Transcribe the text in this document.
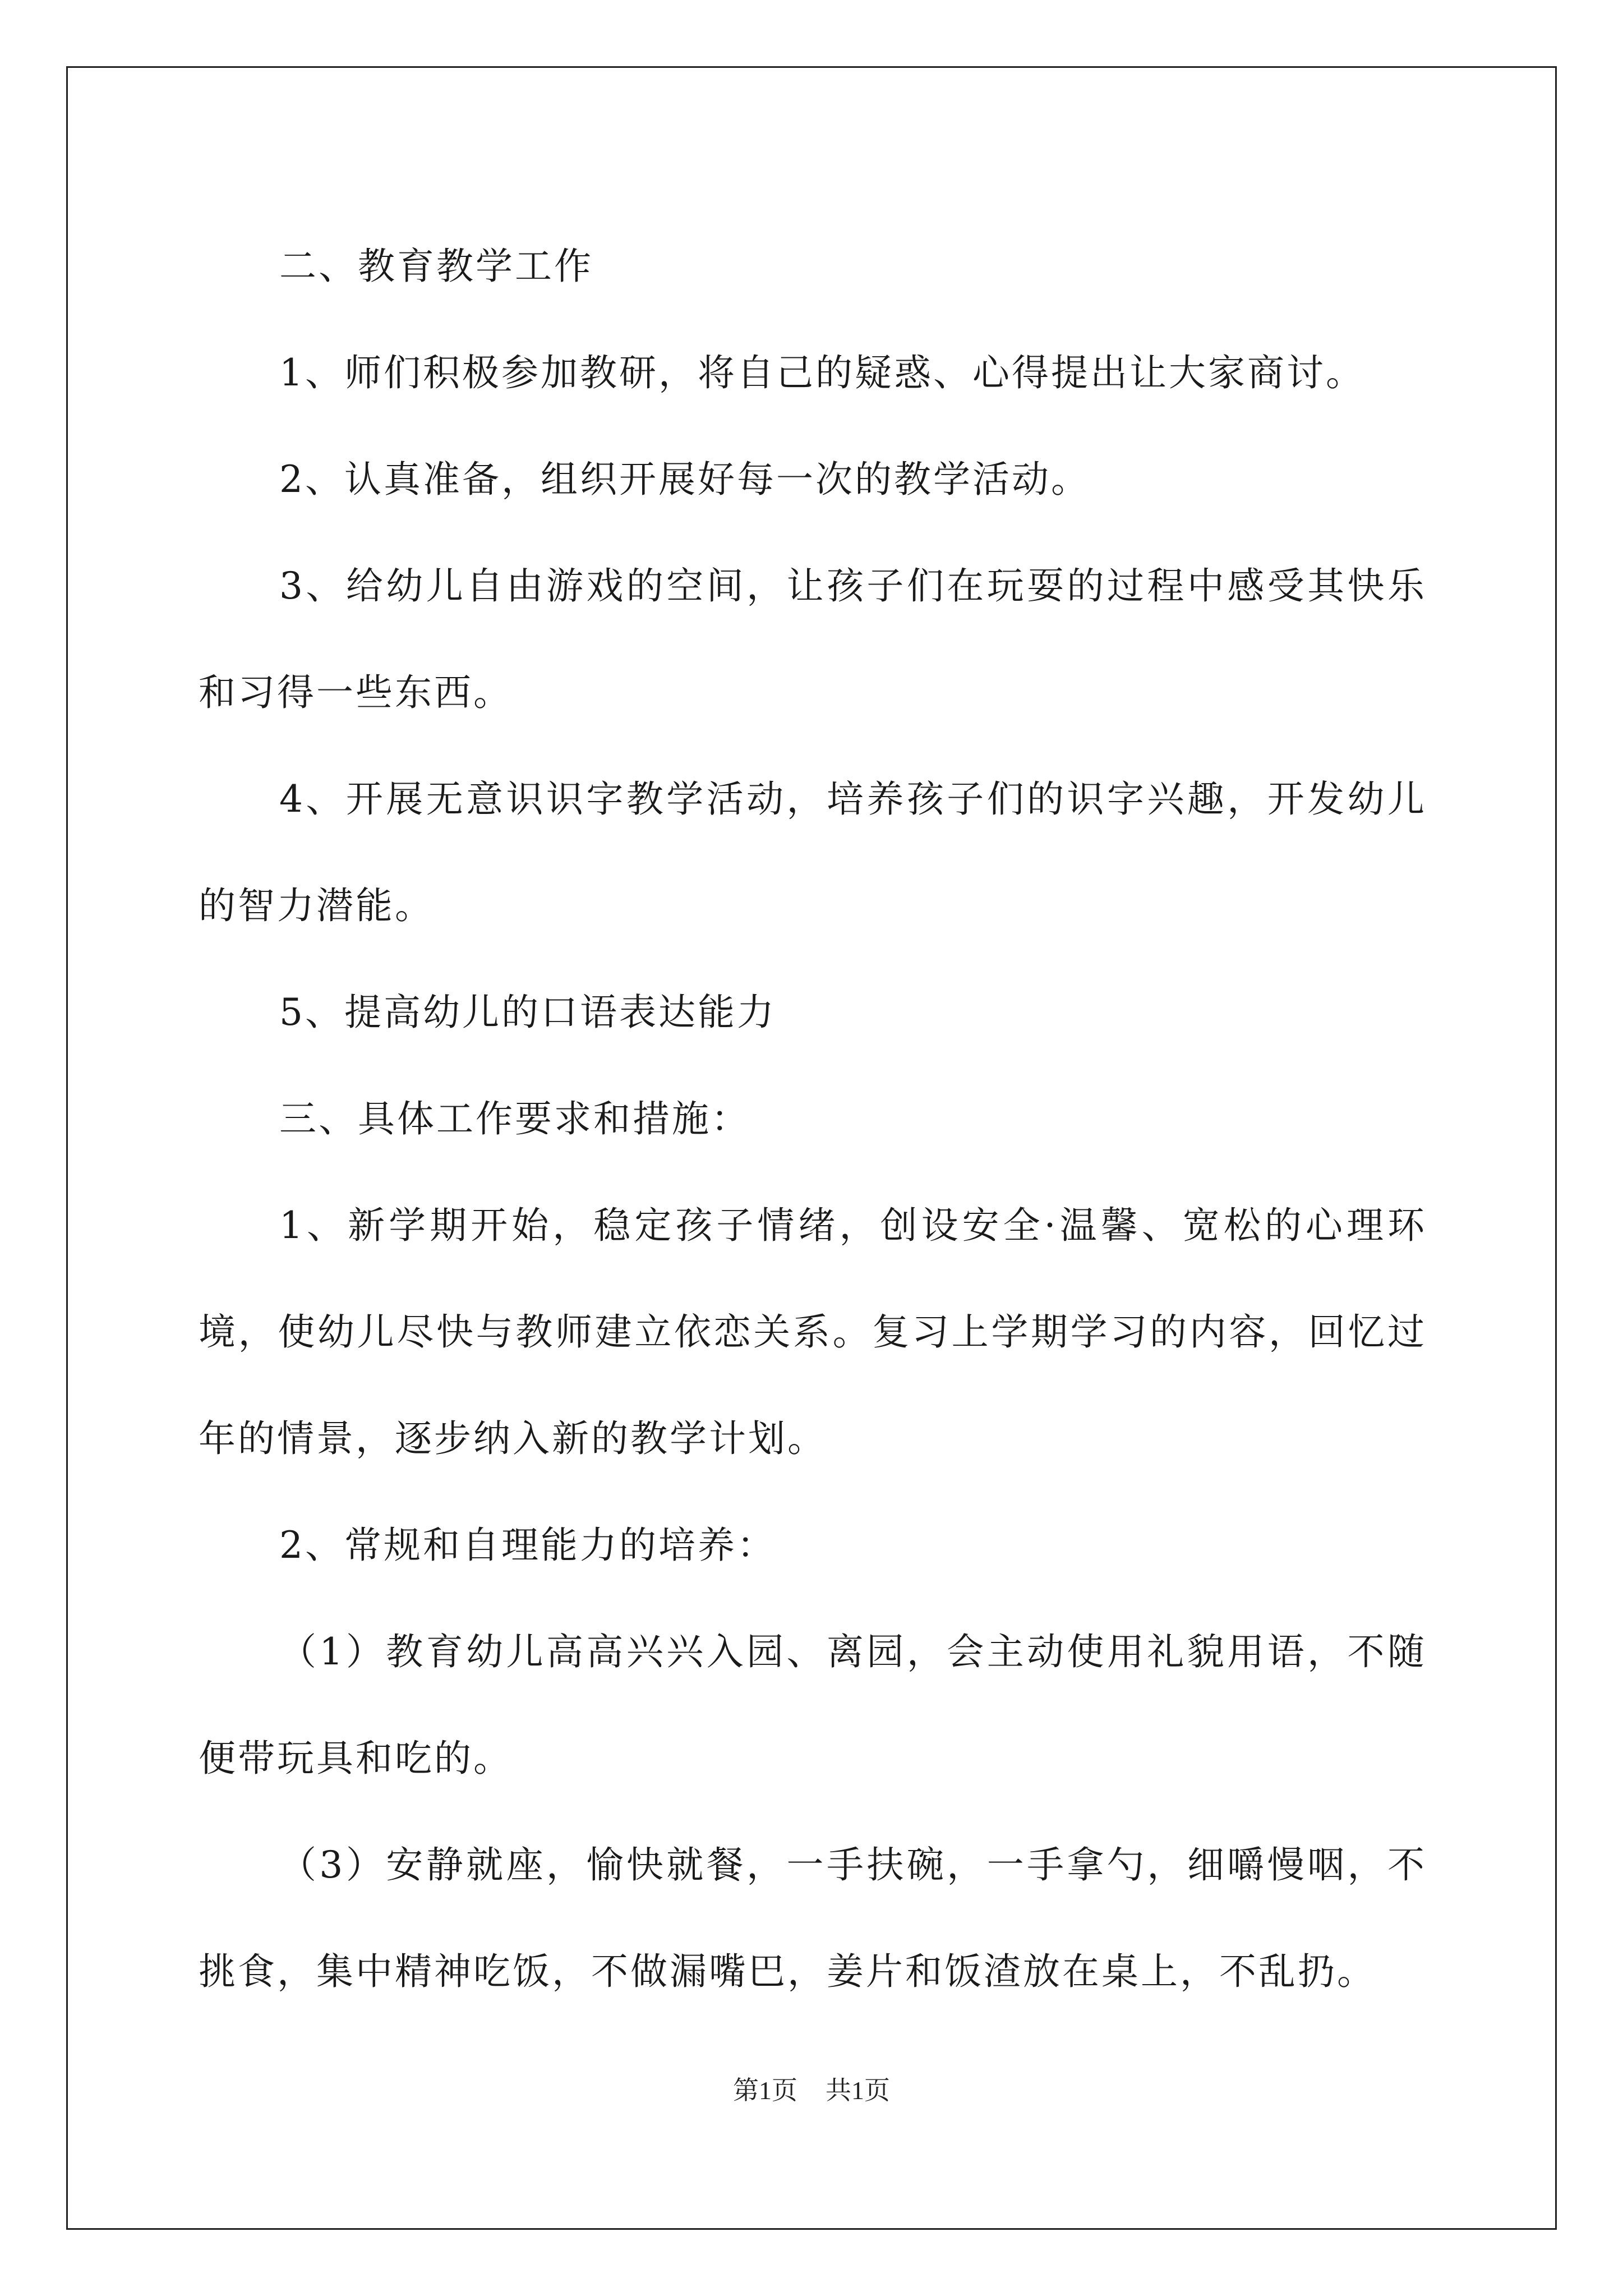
二、教育教学工作

1、师们积极参加教研，将自己的疑惑、心得提出让大家商讨。

2、认真准备，组织开展好每一次的教学活动。

3、给幼儿自由游戏的空间，让孩子们在玩耍的过程中感受其快乐和习得一些东西。

4、开展无意识识字教学活动，培养孩子们的识字兴趣，开发幼儿的智力潜能。

5、提高幼儿的口语表达能力

三、具体工作要求和措施：

1、新学期开始，稳定孩子情绪，创设安全·温馨、宽松的心理环境，使幼儿尽快与教师建立依恋关系。复习上学期学习的内容，回忆过年的情景，逐步纳入新的教学计划。

2、常规和自理能力的培养：

（1）教育幼儿高高兴兴入园、离园，会主动使用礼貌用语，不随便带玩具和吃的。

（3）安静就座，愉快就餐，一手扶碗，一手拿勺，细嚼慢咽，不挑食，集中精神吃饭，不做漏嘴巴，姜片和饭渣放在桌上，不乱扔。

第1页 共1页
